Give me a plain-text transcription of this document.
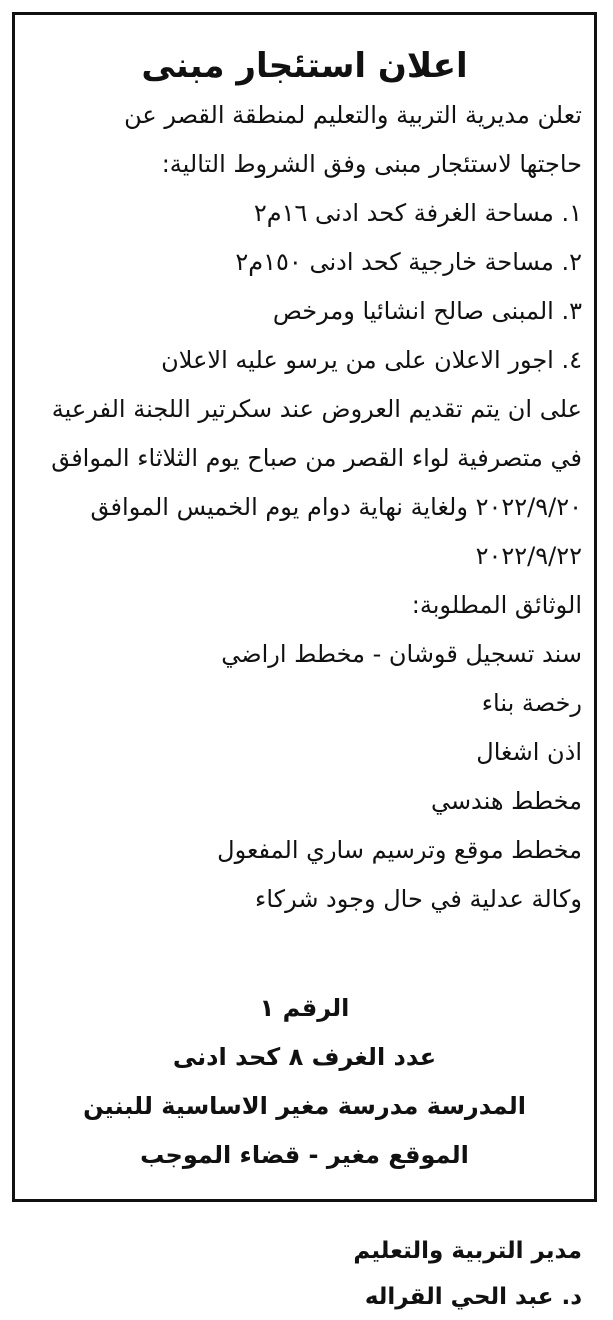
اعلان استئجار مبنى
تعلن مديرية التربية والتعليم لمنطقة القصر عن
حاجتها لاستئجار مبنى وفق الشروط التالية:
١. مساحة الغرفة كحد ادنى ١٦م٢
٢. مساحة خارجية كحد ادنى ١٥٠م٢
٣. المبنى صالح انشائيا ومرخص
٤. اجور الاعلان على من يرسو عليه الاعلان
على ان يتم تقديم العروض عند سكرتير اللجنة الفرعية
في متصرفية لواء القصر من صباح يوم الثلاثاء الموافق
٢٠٢٢/٩/٢٠ ولغاية نهاية دوام يوم الخميس الموافق
٢٠٢٢/٩/٢٢
الوثائق المطلوبة:
سند تسجيل قوشان - مخطط اراضي
رخصة بناء
اذن اشغال
مخطط هندسي
مخطط موقع وترسيم ساري المفعول
وكالة عدلية في حال وجود شركاء
الرقم ١
عدد الغرف ٨ كحد ادنى
المدرسة مدرسة مغير الاساسية للبنين
الموقع مغير - قضاء الموجب
مدير التربية والتعليم
د. عبد الحي القراله
